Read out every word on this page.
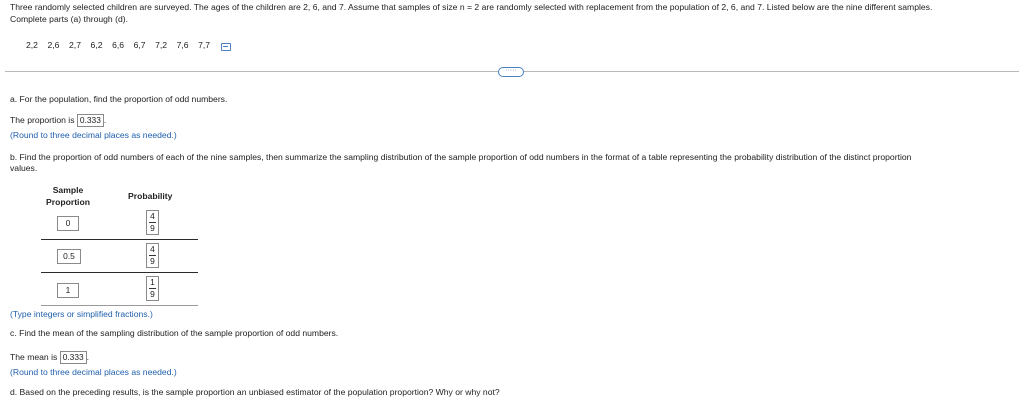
Three randomly selected children are surveyed. The ages of the children are 2, 6, and 7. Assume that samples of size n = 2 are randomly selected with replacement from the population of 2, 6, and 7. Listed below are the nine different samples.
Complete parts (a) through (d).
2,2 2,6 2,7 6,2 6,6 6,7 7,2 7,6 7,7
·····
a. For the population, find the proportion of odd numbers.
The proportion is 0.333 .
(Round to three decimal places as needed.)
b. Find the proportion of odd numbers of each of the nine samples, then summarize the sampling distribution of the sample proportion of odd numbers in the format of a table representing the probability distribution of the distinct proportion
values.
Sample
Proportion
Probability
0
4
9
0.5
4
9
1
1
9
(Type integers or simplified fractions.)
c. Find the mean of the sampling distribution of the sample proportion of odd numbers.
The mean is 0.333 .
(Round to three decimal places as needed.)
d. Based on the preceding results, is the sample proportion an unbiased estimator of the population proportion? Why or why not?
